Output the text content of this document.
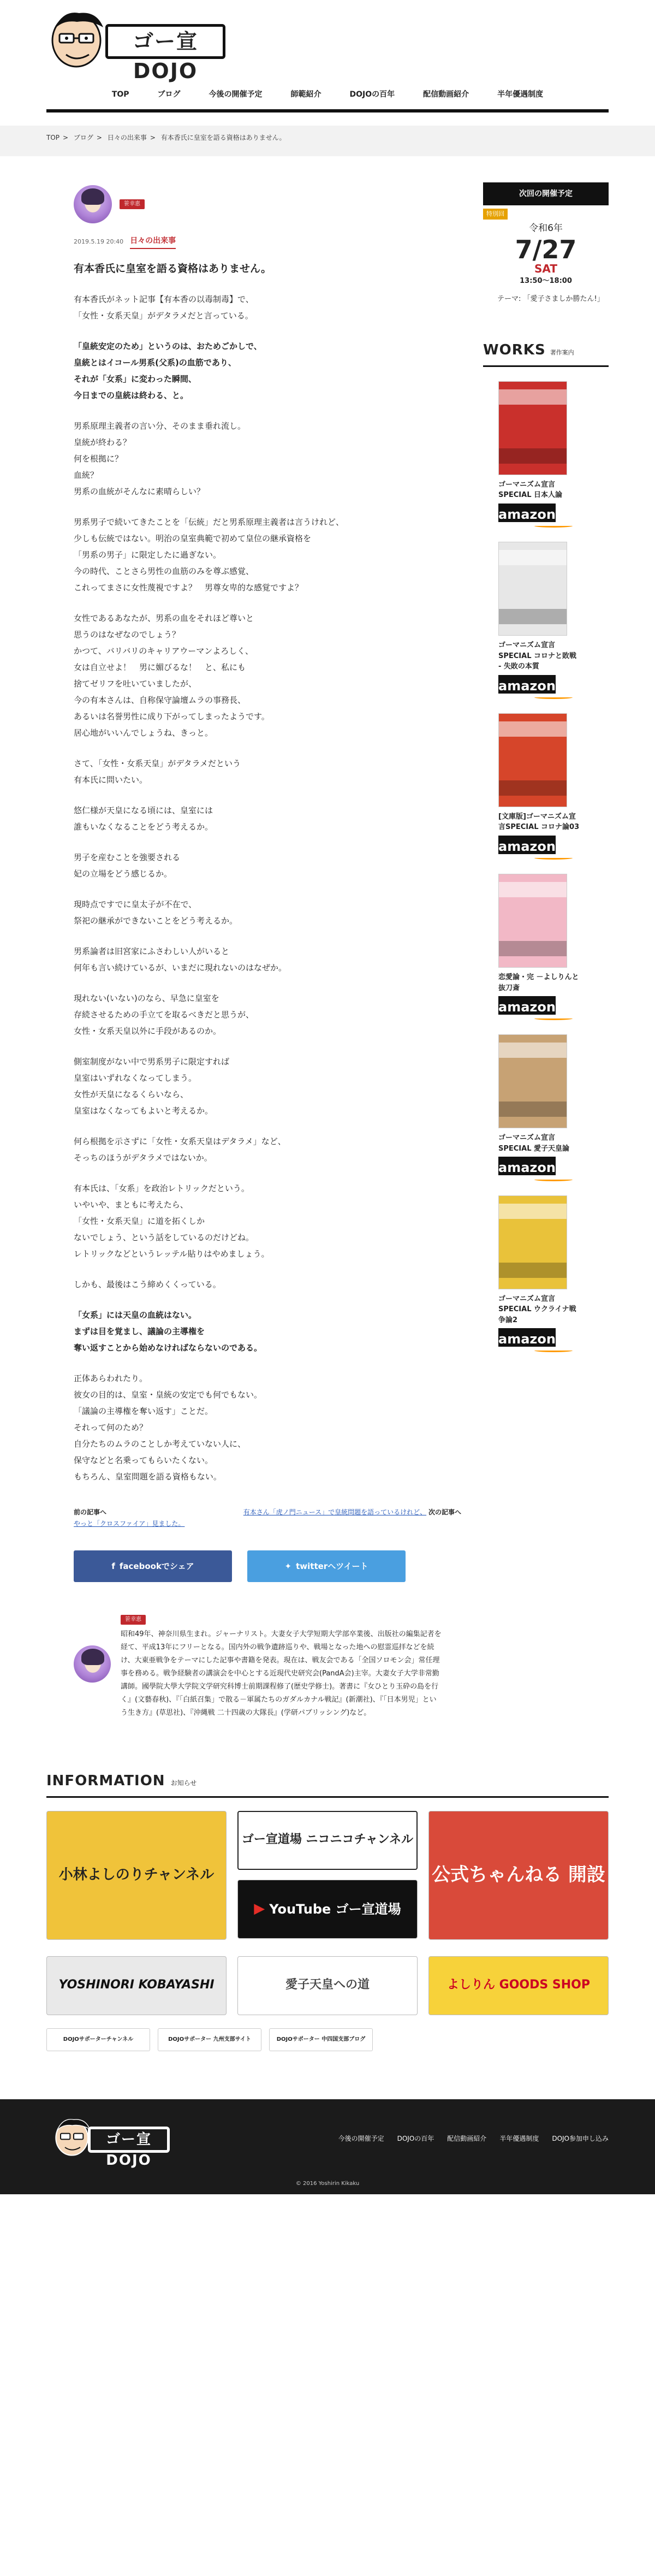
ゴー宣DOJO
TOP	ブログ	今後の開催予定	師範紹介	DOJOの百年	配信動画紹介	半年優遇制度
TOP > ブログ > 日々の出来事 > 有本香氏に皇室を語る資格はありません。
笹幸恵
2019.5.19 20:40 日々の出来事
有本香氏に皇室を語る資格はありません。

有本香氏がネット記事【有本香の以毒制毒】で、
「女性・女系天皇」がデタラメだと言っている。

「皇統安定のため」というのは、おためごかしで、
皇統とはイコール男系(父系)の血筋であり、
それが「女系」に変わった瞬間、
今日までの皇統は終わる、と。

男系原理主義者の言い分、そのまま垂れ流し。
皇統が終わる？
何を根拠に？
血統？
男系の血統がそんなに素晴らしい？

男系男子で続いてきたことを「伝統」だと男系原理主義者は言うけれど、
少しも伝統ではない。明治の皇室典範で初めて皇位の継承資格を
「男系の男子」に限定したに過ぎない。
今の時代、ことさら男性の血筋のみを尊ぶ感覚、
これってまさに女性蔑視ですよ？　男尊女卑的な感覚ですよ？

女性であるあなたが、男系の血をそれほど尊いと
思うのはなぜなのでしょう？
かつて、バリバリのキャリアウーマンよろしく、
女は自立せよ！　男に媚びるな！　と、私にも
捨てゼリフを吐いていましたが、
今の有本さんは、自称保守論壇ムラの事務長、
あるいは名誉男性に成り下がってしまったようです。
居心地がいいんでしょうね、きっと。

さて、「女性・女系天皇」がデタラメだという
有本氏に問いたい。

悠仁様が天皇になる頃には、皇室には
誰もいなくなることをどう考えるか。

男子を産むことを強要される
妃の立場をどう感じるか。

現時点ですでに皇太子が不在で、
祭祀の継承ができないことをどう考えるか。

男系論者は旧宮家にふさわしい人がいると
何年も言い続けているが、いまだに現れないのはなぜか。

現れない(いない)のなら、早急に皇室を
存続させるための手立てを取るべきだと思うが、
女性・女系天皇以外に手段があるのか。

側室制度がない中で男系男子に限定すれば
皇室はいずれなくなってしまう。
女性が天皇になるくらいなら、
皇室はなくなってもよいと考えるか。

何ら根拠を示さずに「女性・女系天皇はデタラメ」など、
そっちのほうがデタラメではないか。

有本氏は、「女系」を政治レトリックだという。
いやいや、まともに考えたら、
「女性・女系天皇」に道を拓くしか
ないでしょう、という話をしているのだけどね。
レトリックなどというレッテル貼りはやめましょう。

しかも、最後はこう締めくくっている。

「女系」には天皇の血統はない。
まずは目を覚まし、議論の主導権を
奪い返すことから始めなければならないのである。

正体あらわれたり。
彼女の目的は、皇室・皇統の安定でも何でもない。
「議論の主導権を奪い返す」ことだ。
それって何のため？
自分たちのムラのことしか考えていない人に、
保守などと名乗ってもらいたくない。
もちろん、皇室問題を語る資格もない。

前の記事へ
やっと「クロスファイア」見ました。
有本さん「虎ノ門ニュース」で皇統問題を語っているけれど、 次の記事へ
f facebookでシェア	✦ twitterへツイート
笹幸恵

昭和49年、神奈川県生まれ。ジャーナリスト。大妻女子大学短期大学部卒業後、出版社の編集記者を経て、平成13年にフリーとなる。国内外の戦争遺跡巡りや、戦場となった地への慰霊巡拝などを続け、大東亜戦争をテーマにした記事や書籍を発表。現在は、戦友会である「全国ソロモン会」常任理事を務める。戦争経験者の講演会を中心とする近現代史研究会(PandA会)主宰。大妻女子大学非常勤講師。國學院大學大学院文学研究科博士前期課程修了(歴史学修士)。著書に『女ひとり玉砕の島を行く』(文藝春秋)、『「白紙召集」で散る－軍属たちのガダルカナル戦記』(新潮社)、『「日本男児」という生き方』(草思社)、『沖縄戦 二十四歳の大隊長』(学研パブリッシング)など。

次回の開催予定
特別回
令和6年
7/27
SAT
13:50～18:00
テーマ: 「愛子さましか勝たん!」
WORKS 著作案内
ゴーマニズム宣言SPECIAL 日本人論
ご購入はこちら
amazon
ゴーマニズム宣言SPECIAL コロナと敗戦 - 失敗の本質
ご購入はこちら
amazon
[文庫版]ゴーマニズム宣言SPECIAL コロナ論03
ご購入はこちら
amazon
恋愛論・完 －よしりんと抜刀斎
ご購入はこちら
amazon
ゴーマニズム宣言SPECIAL 愛子天皇論
ご購入はこちら
amazon
ゴーマニズム宣言SPECIAL ウクライナ戦争論2
ご購入はこちら
amazon
INFORMATION お知らせ
小林よしのりチャンネル
ゴー宣道場 ニコニコチャンネル
▶ YouTube ゴー宣道場
公式ちゃんねる 開設
YOSHINORI KOBAYASHI	愛子天皇への道	よしりん GOODS SHOP
DOJOサポーターチャンネル	DOJOサポーター 九州支部サイト	DOJOサポーター 中四国支部ブログ
ゴー宣DOJO
今後の開催予定 DOJOの百年 配信動画紹介 半年優遇制度 DOJO参加申し込み
© 2016 Yoshirin Kikaku
